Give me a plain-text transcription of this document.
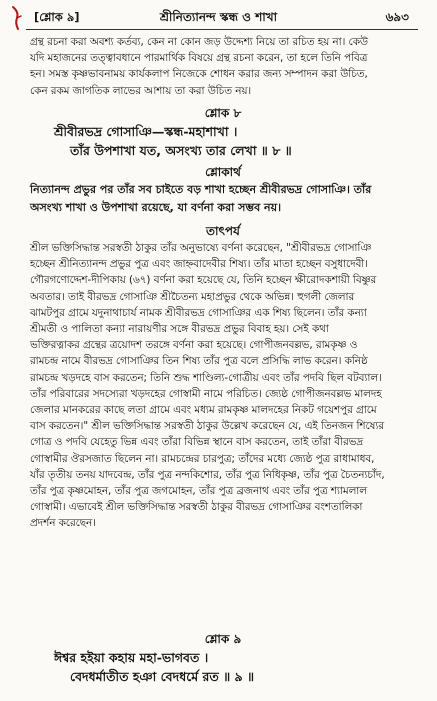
[শ্লোক ৯]	শ্রীনিত্যানন্দ স্কন্ধ ও শাখা	৬৯৩

গ্রন্থ রচনা করা অবশ্য কর্তব্য, কেন না কোন জড় উদ্দেশ্য নিয়ে তা রচিত হয় না। কেউ

যদি মহাজনের তত্ত্বাবধানে পারমার্থিক বিষয়ে গ্রন্থ রচনা করেন, তা হলে তিনি পবিত্র

হন। সমস্ত কৃষ্ণভাবনাময় কার্যকলাপ নিজেকে শোধন করার জন্য সম্পাদন করা উচিত,

কেন রকম জাগতিক লাভের আশায় তা করা উচিত নয়।

শ্লোক ৮

শ্রীবীরভদ্র গোসাঞি—স্কন্ধ-মহাশাখা ।

তাঁর উপশাখা যত, অসংখ্য তার লেখা ॥ ৮ ॥

শ্লোকার্থ

নিত্যানন্দ প্রভুর পর তাঁর সব চাইতে বড় শাখা হচ্ছেন শ্রীবীরভদ্র গোসাঞি। তাঁর

অসংখ্য শাখা ও উপশাখা রয়েছে, যা বর্ণনা করা সম্ভব নয়।

তাৎপর্য

শ্রীল ভক্তিসিদ্ধান্ত সরস্বতী ঠাকুর তাঁর অনুভাষ্যে বর্ণনা করেছেন, "শ্রীবীরভদ্র গোসাঞি

হচ্ছেন শ্রীনিত্যানন্দ প্রভুর পুত্র এবং জাহ্নবাদেবীর শিষ্য। তাঁর মাতা হচ্ছেন বসুধাদেবী।

গৌরগণোদ্দেশ-দীপিকায় (৬৭) বর্ণনা করা হয়েছে যে, তিনি হচ্ছেন ক্ষীরোদকশায়ী বিষ্ণুর

অবতার। তাই বীরভদ্র গোসাঞি শ্রীচৈতন্য মহাপ্রভুর থেকে অভিন্ন। হুগলী জেলার

ঝামটপুর গ্রামে যদুনাথাচার্য নামক শ্রীবীরভদ্র গোসাঞির এক শিষ্য ছিলেন। তাঁর কন্যা

শ্রীমতী ও পালিতা কন্যা নারায়ণীর সঙ্গে বীরভদ্র প্রভুর বিবাহ হয়। সেই কথা

ভক্তিরত্নাকর গ্রন্থের ত্রয়োদশ তরঙ্গে বর্ণনা করা হয়েছে। গোপীজনবল্লভ, রামকৃষ্ণ ও

রামচন্দ্র নামে বীরভদ্র গোসাঞির তিন শিষ্য তাঁর পুত্র বলে প্রসিদ্ধি লাভ করেন। কনিষ্ঠ

রামচন্দ্র খড়দহে বাস করতেন; তিনি শুদ্ধ শাণ্ডিল্য-গোত্রীয় এবং তাঁর পদবি ছিল বটব্যাল।

তাঁর পরিবারের সদস্যেরা খড়দহের গোস্বামী নামে পরিচিত। জ্যেষ্ঠ গোপীজনবল্লভ মালদহ

জেলার মানকরের কাছে লতা গ্রামে এবং মধ্যম রামকৃষ্ণ মালদহের নিকট গয়েশপুর গ্রামে

বাস করতেন।" শ্রীল ভক্তিসিদ্ধান্ত সরস্বতী ঠাকুর উল্লেখ করেছেন যে, এই তিনজন শিষ্যের

গোত্র ও পদবি যেহেতু ভিন্ন এবং তাঁরা বিভিন্ন স্থানে বাস করতেন, তাই তাঁরা বীরভদ্র

গোস্বামীর ঔরসজাত ছিলেন না। রামচন্দ্রের চারপুত্র; তাঁদের মধ্যে জ্যেষ্ঠ পুত্র রাধামাধব,

যাঁর তৃতীয় তনয় যাদবেন্দ্র, তাঁর পুত্র নন্দকিশোর, তাঁর পুত্র নিধিকৃষ্ণ, তাঁর পুত্র চৈতন্যচাঁদ,

তাঁর পুত্র কৃষ্ণমোহন, তাঁর পুত্র জগমোহন, তাঁর পুত্র ব্রজনাথ এবং তাঁর পুত্র শ্যামলাল

গোস্বামী। এভাবেই শ্রীল ভক্তিসিদ্ধান্ত সরস্বতী ঠাকুর বীরভদ্র গোসাঞির বংশতালিকা

প্রদর্শন করেছেন।

শ্লোক ৯

ঈশ্বর হইয়া কহায় মহা-ভাগবত ।

বেদধর্মাতীত হঞা বেদধর্মে রত ॥ ৯ ॥
